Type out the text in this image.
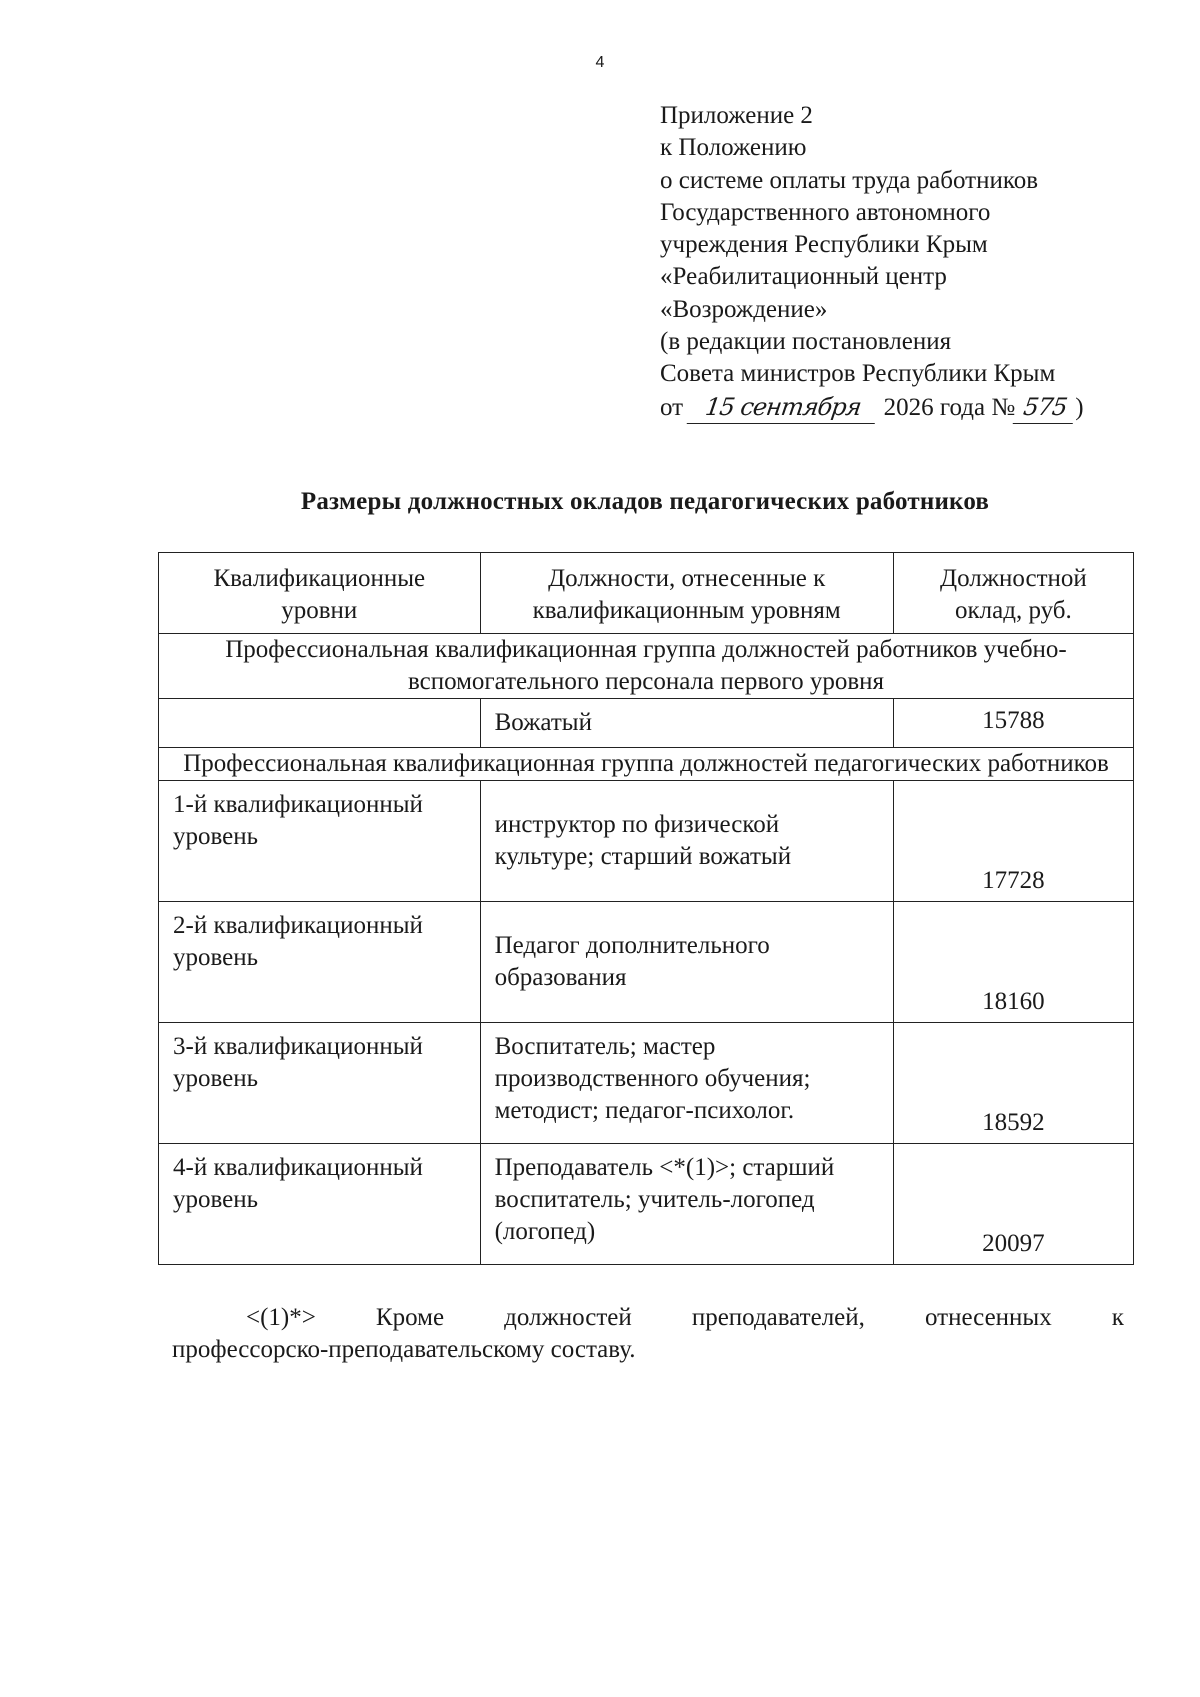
4
Приложение 2
к Положению
о системе оплаты труда работников
Государственного автономного
учреждения Республики Крым
«Реабилитационный центр
«Возрождение»
(в редакции постановления
Совета министров Республики Крым
от 15 сентября 2026 года № 575 )
Размеры должностных окладов педагогических работников
Квалификационные уровни	Должности, отнесенные к квалификационным уровням	Должностной оклад, руб.
Профессиональная квалификационная группа должностей работников учебно-вспомогательного персонала первого уровня		
	Вожатый	15788
Профессиональная квалификационная группа должностей педагогических работников		
1-й квалификационный уровень	инструктор по физической культуре; старший вожатый	17728
2-й квалификационный уровень	Педагог дополнительного образования	18160
3-й квалификационный уровень	Воспитатель; мастер производственного обучения; методист; педагог-психолог.	18592
4-й квалификационный уровень	Преподаватель <*(1)>; старший воспитатель; учитель-логопед (логопед)	20097
<(1)*> Кроме должностей преподавателей, отнесенных к
профессорско-преподавательскому составу.
